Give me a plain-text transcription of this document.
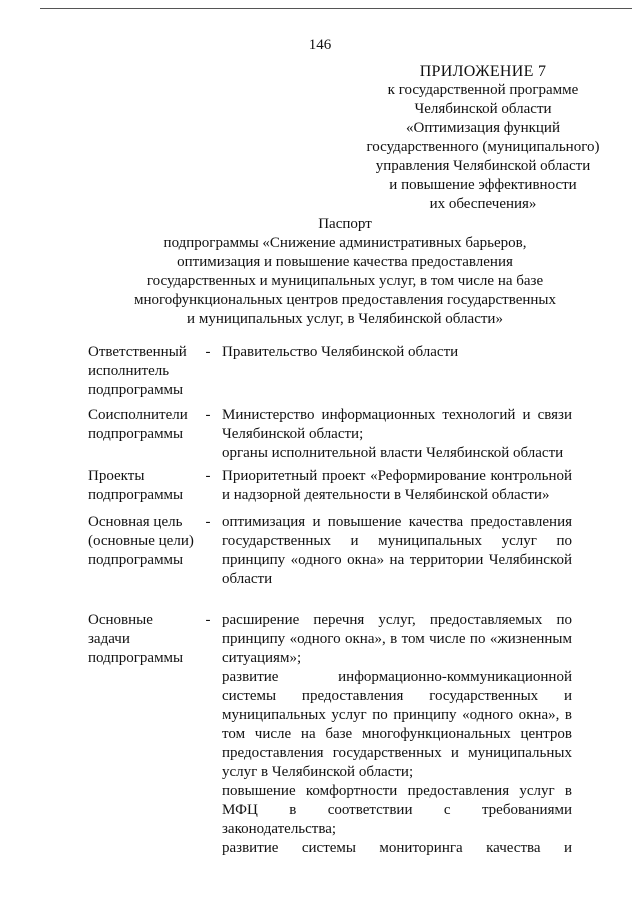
146
ПРИЛОЖЕНИЕ 7
к государственной программе
Челябинской области
«Оптимизация функций
государственного (муниципального)
управления Челябинской области
и повышение эффективности
их обеспечения»
Паспорт
подпрограммы «Снижение административных барьеров,
оптимизация и повышение качества предоставления
государственных и муниципальных услуг, в том числе на базе
многофункциональных центров предоставления государственных
и муниципальных услуг, в Челябинской области»
Ответственный
исполнитель
подпрограммы
- Правительство Челябинской области
Соисполнители
подпрограммы
- Министерство информационных технологий и связи
Челябинской области;
органы исполнительной власти Челябинской области
Проекты
подпрограммы
- Приоритетный проект «Реформирование контрольной
и надзорной деятельности в Челябинской области»
Основная цель
(основные цели)
подпрограммы
- оптимизация и повышение качества предоставления
государственных и муниципальных услуг по
принципу «одного окна» на территории Челябинской
области
Основные
задачи
подпрограммы
- расширение перечня услуг, предоставляемых по
принципу «одного окна», в том числе по «жизненным
ситуациям»;
развитие информационно-коммуникационной
системы предоставления государственных и
муниципальных услуг по принципу «одного окна», в
том числе на базе многофункциональных центров
предоставления государственных и муниципальных
услуг в Челябинской области;
повышение комфортности предоставления услуг в
МФЦ в соответствии с требованиями
законодательства;
развитие системы мониторинга качества и
